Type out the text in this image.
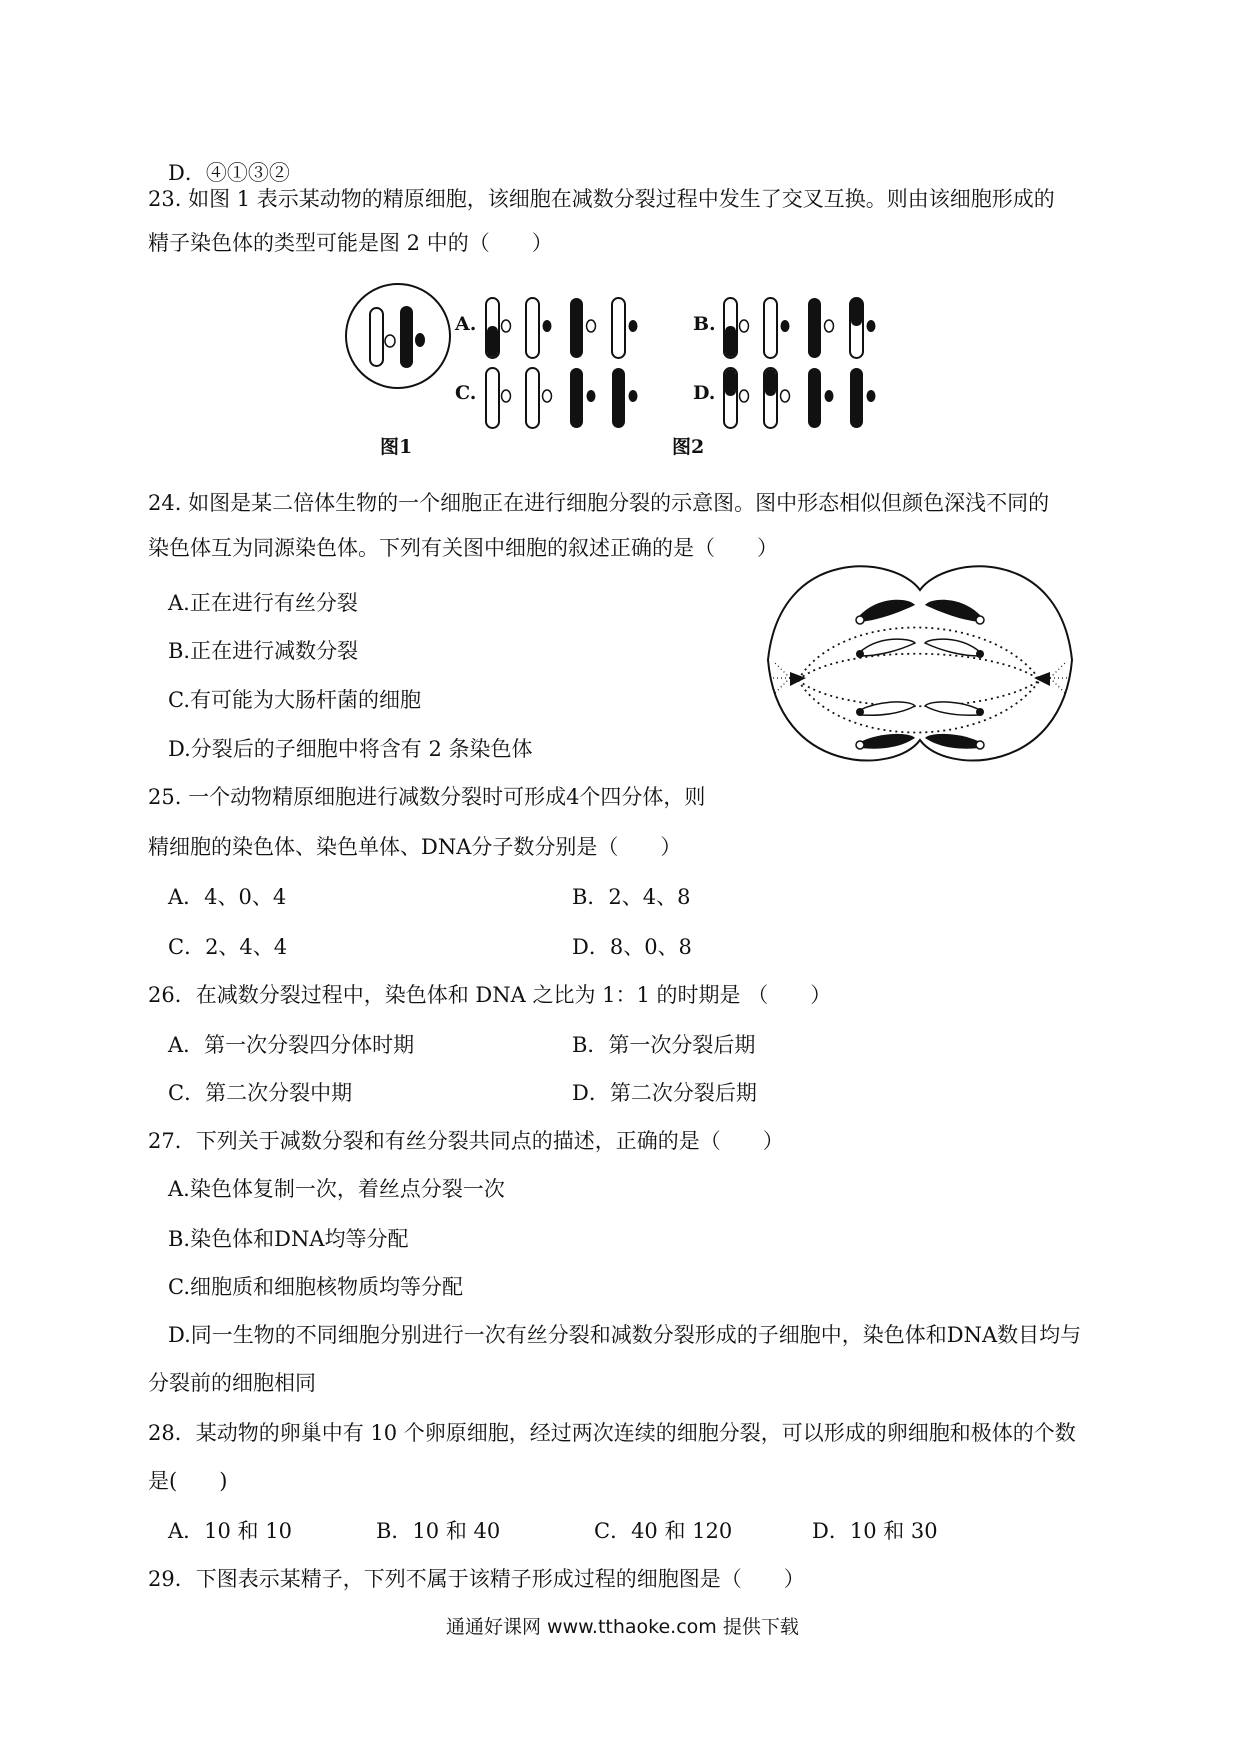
D．④①③②
23. 如图 1 表示某动物的精原细胞，该细胞在减数分裂过程中发生了交叉互换。则由该细胞形成的
精子染色体的类型可能是图 2 中的（　　）
图1
A.	B.
C.	D.
图2
24. 如图是某二倍体生物的一个细胞正在进行细胞分裂的示意图。图中形态相似但颜色深浅不同的
染色体互为同源染色体。下列有关图中细胞的叙述正确的是（　　）
A.正在进行有丝分裂
B.正在进行减数分裂
C.有可能为大肠杆菌的细胞
D.分裂后的子细胞中将含有 2 条染色体
25. 一个动物精原细胞进行减数分裂时可形成4个四分体，则
精细胞的染色体、染色单体、DNA分子数分别是（　　）
A．4、0、4	B．2、4、8
C．2、4、4	D．8、0、8
26．在减数分裂过程中，染色体和 DNA 之比为 1：1 的时期是 （　　）
A．第一次分裂四分体时期	B．第一次分裂后期
C．第二次分裂中期	D．第二次分裂后期
27．下列关于减数分裂和有丝分裂共同点的描述，正确的是（　　）
A.染色体复制一次，着丝点分裂一次
B.染色体和DNA均等分配
C.细胞质和细胞核物质均等分配
D.同一生物的不同细胞分别进行一次有丝分裂和减数分裂形成的子细胞中，染色体和DNA数目均与
分裂前的细胞相同
28．某动物的卵巢中有 10 个卵原细胞，经过两次连续的细胞分裂，可以形成的卵细胞和极体的个数
是(　　)
A．10 和 10	B．10 和 40	C．40 和 120	D．10 和 30
29．下图表示某精子，下列不属于该精子形成过程的细胞图是（　　）
通通好课网 www.tthaoke.com 提供下载
